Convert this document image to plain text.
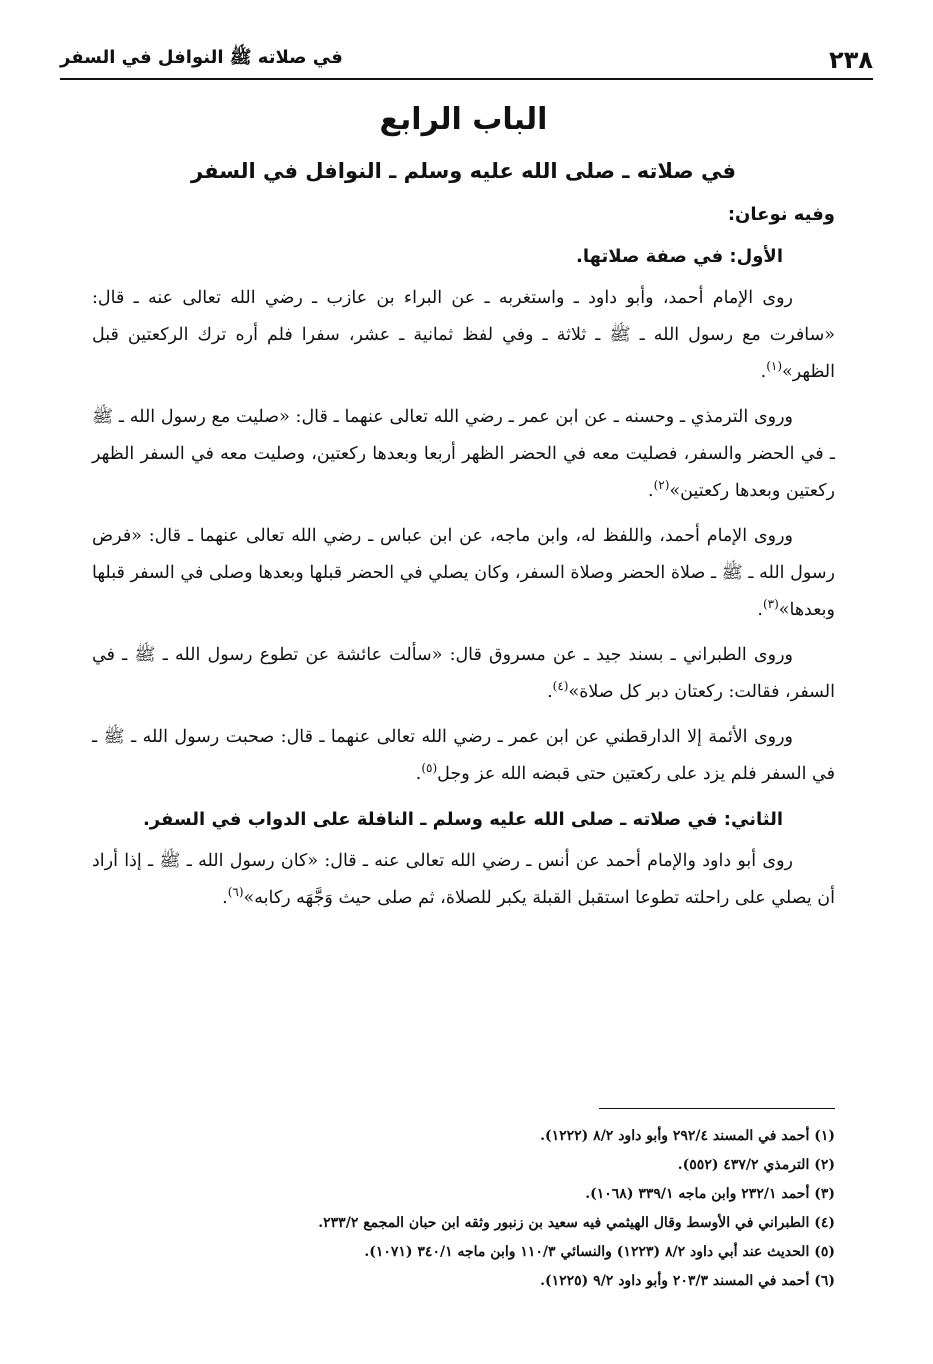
٢٣٨
في صلاته ﷺ النوافل في السفر
الباب الرابع
في صلاته ـ صلى الله عليه وسلم ـ النوافل في السفر
وفيه نوعان:
الأول: في صفة صلاتها.

روى الإمام أحمد، وأبو داود ـ واستغربه ـ عن البراء بن عازب ـ رضي الله تعالى عنه ـ قال: «سافرت مع رسول الله ـ ﷺ ـ ثلاثة ـ وفي لفظ ثمانية ـ عشر، سفرا فلم أره ترك الركعتين قبل الظهر»$^{(١)}$.

وروى الترمذي ـ وحسنه ـ عن ابن عمر ـ رضي الله تعالى عنهما ـ قال: «صليت مع رسول الله ـ ﷺ ـ في الحضر والسفر، فصليت معه في الحضر الظهر أربعا وبعدها ركعتين، وصليت معه في السفر الظهر ركعتين وبعدها ركعتين»$^{(٢)}$.

وروى الإمام أحمد، واللفظ له، وابن ماجه، عن ابن عباس ـ رضي الله تعالى عنهما ـ قال: «فرض رسول الله ـ ﷺ ـ صلاة الحضر وصلاة السفر، وكان يصلي في الحضر قبلها وبعدها وصلى في السفر قبلها وبعدها»$^{(٣)}$.

وروى الطبراني ـ بسند جيد ـ عن مسروق قال: «سألت عائشة عن تطوع رسول الله ـ ﷺ ـ في السفر، فقالت: ركعتان دبر كل صلاة»$^{(٤)}$.

وروى الأئمة إلا الدارقطني عن ابن عمر ـ رضي الله تعالى عنهما ـ قال: صحبت رسول الله ـ ﷺ ـ في السفر فلم يزد على ركعتين حتى قبضه الله عز وجل$^{(٥)}$.

الثاني: في صلاته ـ صلى الله عليه وسلم ـ النافلة على الدواب في السفر.

روى أبو داود والإمام أحمد عن أنس ـ رضي الله تعالى عنه ـ قال: «كان رسول الله ـ ﷺ ـ إذا أراد أن يصلي على راحلته تطوعا استقبل القبلة يكبر للصلاة، ثم صلى حيث وَجَّهَه ركابه»$^{(٦)}$.

(١) أحمد في المسند ٢٩٢/٤ وأبو داود ٨/٢ (١٢٢٢).
(٢) الترمذي ٤٣٧/٢ (٥٥٢).
(٣) أحمد ٢٣٢/١ وابن ماجه ٣٣٩/١ (١٠٦٨).
(٤) الطبراني في الأوسط وقال الهيثمي فيه سعيد بن زنبور وثقه ابن حبان المجمع ٢٣٣/٢.
(٥) الحديث عند أبي داود ٨/٢ (١٢٢٣) والنسائي ١١٠/٣ وابن ماجه ٣٤٠/١ (١٠٧١).
(٦) أحمد في المسند ٢٠٣/٣ وأبو داود ٩/٢ (١٢٢٥).
